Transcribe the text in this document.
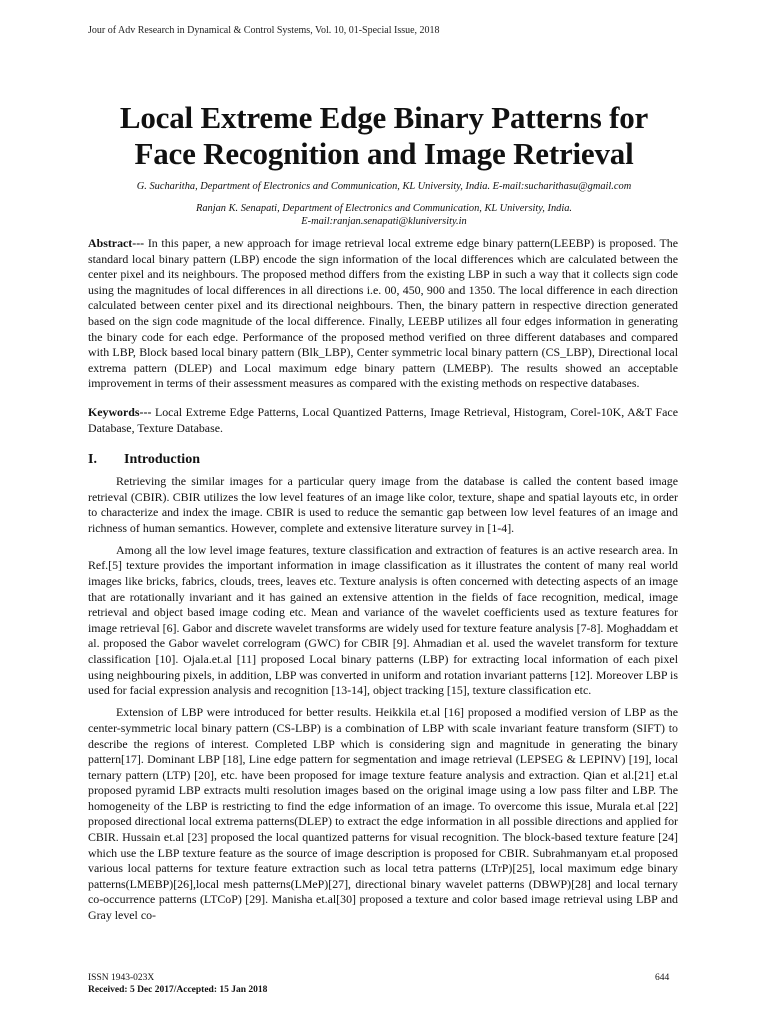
Jour of Adv Research in Dynamical & Control Systems, Vol. 10, 01-Special Issue, 2018
Local Extreme Edge Binary Patterns for
Face Recognition and Image Retrieval
G. Sucharitha, Department of Electronics and Communication, KL University, India. E-mail:sucharithasu@gmail.com
Ranjan K. Senapati, Department of Electronics and Communication, KL University, India.
E-mail:ranjan.senapati@kluniversity.in
Abstract--- In this paper, a new approach for image retrieval local extreme edge binary pattern(LEEBP) is proposed. The standard local binary pattern (LBP) encode the sign information of the local differences which are calculated between the center pixel and its neighbours. The proposed method differs from the existing LBP in such a way that it collects sign code using the magnitudes of local differences in all directions i.e. 00, 450, 900 and 1350. The local difference in each direction calculated between center pixel and its directional neighbours. Then, the binary pattern in respective direction generated based on the sign code magnitude of the local difference. Finally, LEEBP utilizes all four edges information in generating the binary code for each edge. Performance of the proposed method verified on three different databases and compared with LBP, Block based local binary pattern (Blk_LBP), Center symmetric local binary pattern (CS_LBP), Directional local extrema pattern (DLEP) and Local maximum edge binary pattern (LMEBP). The results showed an acceptable improvement in terms of their assessment measures as compared with the existing methods on respective databases.
Keywords--- Local Extreme Edge Patterns, Local Quantized Patterns, Image Retrieval, Histogram, Corel-10K, A&T Face Database, Texture Database.
I. Introduction

Retrieving the similar images for a particular query image from the database is called the content based image retrieval (CBIR). CBIR utilizes the low level features of an image like color, texture, shape and spatial layouts etc, in order to characterize and index the image. CBIR is used to reduce the semantic gap between low level features of an image and richness of human semantics. However, complete and extensive literature survey in [1-4].

Among all the low level image features, texture classification and extraction of features is an active research area. In Ref.[5] texture provides the important information in image classification as it illustrates the content of many real world images like bricks, fabrics, clouds, trees, leaves etc. Texture analysis is often concerned with detecting aspects of an image that are rotationally invariant and it has gained an extensive attention in the fields of face recognition, medical, image retrieval and object based image coding etc. Mean and variance of the wavelet coefficients used as texture features for image retrieval [6]. Gabor and discrete wavelet transforms are widely used for texture feature analysis [7-8]. Moghaddam et al. proposed the Gabor wavelet correlogram (GWC) for CBIR [9]. Ahmadian et al. used the wavelet transform for texture classification [10]. Ojala.et.al [11] proposed Local binary patterns (LBP) for extracting local information of each pixel using neighbouring pixels, in addition, LBP was converted in uniform and rotation invariant patterns [12]. Moreover LBP is used for facial expression analysis and recognition [13-14], object tracking [15], texture classification etc.

Extension of LBP were introduced for better results. Heikkila et.al [16] proposed a modified version of LBP as the center-symmetric local binary pattern (CS-LBP) is a combination of LBP with scale invariant feature transform (SIFT) to describe the regions of interest. Completed LBP which is considering sign and magnitude in generating the binary pattern[17]. Dominant LBP [18], Line edge pattern for segmentation and image retrieval (LEPSEG & LEPINV) [19], local ternary pattern (LTP) [20], etc. have been proposed for image texture feature analysis and extraction. Qian et al.[21] et.al proposed pyramid LBP extracts multi resolution images based on the original image using a low pass filter and LBP. The homogeneity of the LBP is restricting to find the edge information of an image. To overcome this issue, Murala et.al [22] proposed directional local extrema patterns(DLEP) to extract the edge information in all possible directions and applied for CBIR. Hussain et.al [23] proposed the local quantized patterns for visual recognition. The block-based texture feature [24] which use the LBP texture feature as the source of image description is proposed for CBIR. Subrahmanyam et.al proposed various local patterns for texture feature extraction such as local tetra patterns (LTrP)[25], local maximum edge binary patterns(LMEBP)[26],local mesh patterns(LMeP)[27], directional binary wavelet patterns (DBWP)[28] and local ternary co-occurrence patterns (LTCoP) [29]. Manisha et.al[30] proposed a texture and color based image retrieval using LBP and Gray level co-

ISSN 1943-023X
Received: 5 Dec 2017/Accepted: 15 Jan 2018
644
